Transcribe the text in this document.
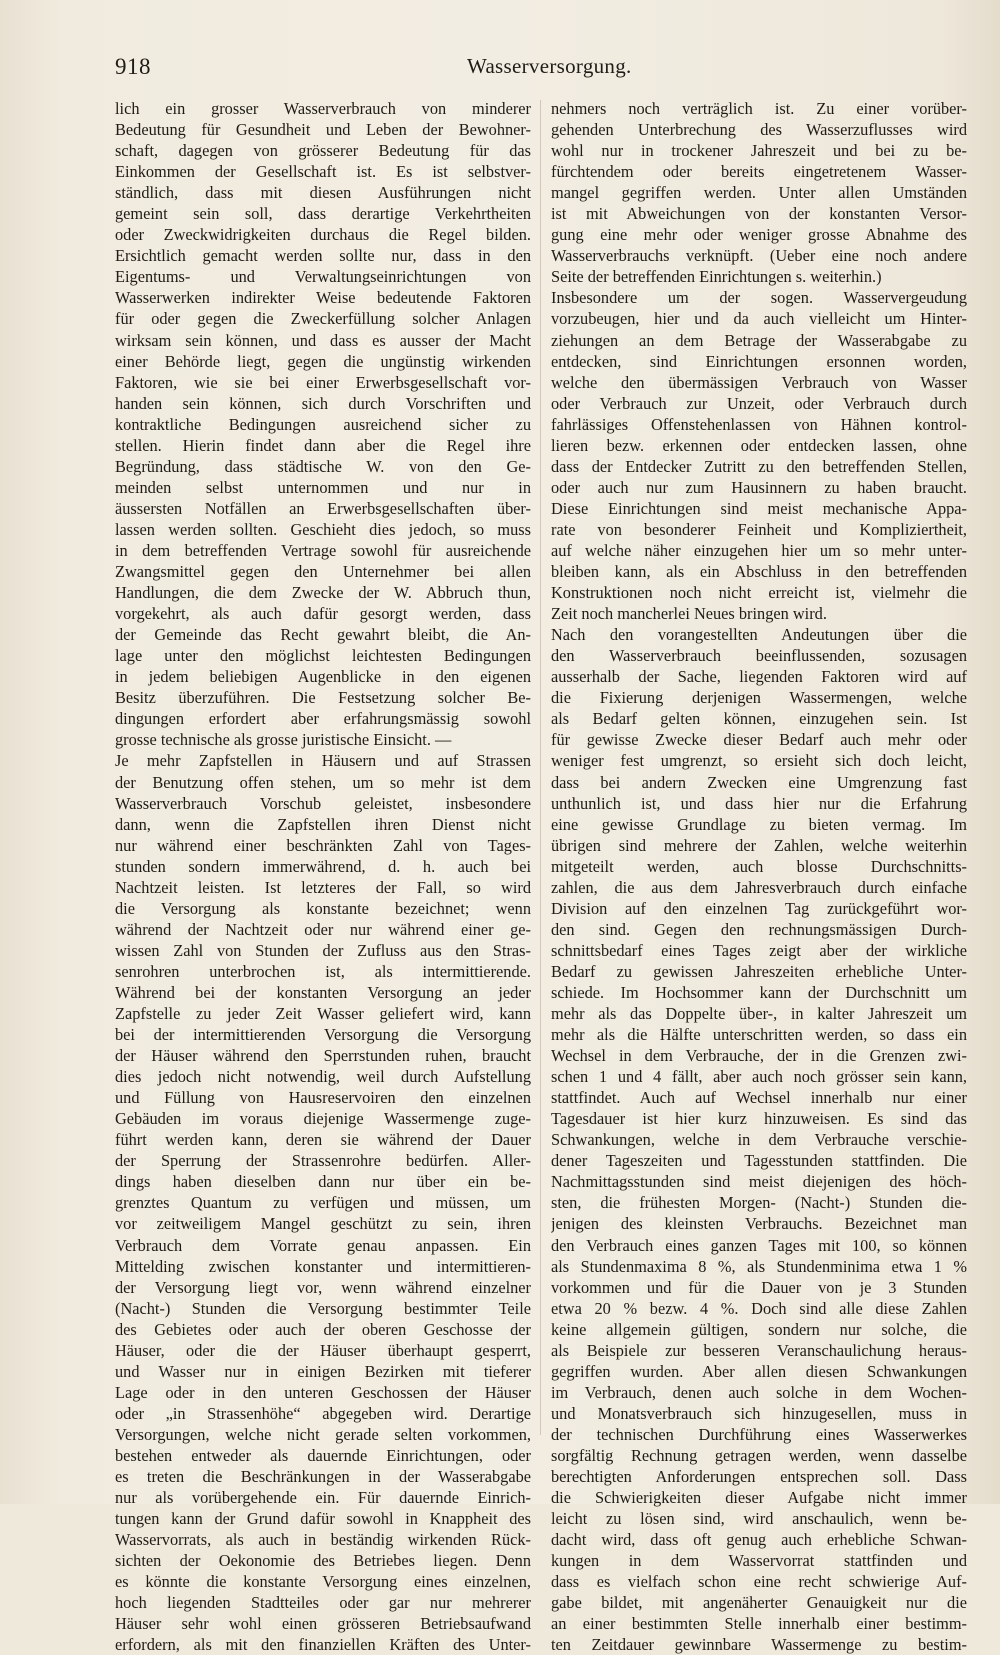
918	Wasserversorgung.
lich ein grosser Wasserverbrauch von minderer
Bedeutung für Gesundheit und Leben der Bewohner-
schaft, dagegen von grösserer Bedeutung für das
Einkommen der Gesellschaft ist. Es ist selbstver-
ständlich, dass mit diesen Ausführungen nicht
gemeint sein soll, dass derartige Verkehrtheiten
oder Zweckwidrigkeiten durchaus die Regel bilden.
Ersichtlich gemacht werden sollte nur, dass in den
Eigentums- und Verwaltungseinrichtungen von
Wasserwerken indirekter Weise bedeutende Faktoren
für oder gegen die Zweckerfüllung solcher Anlagen
wirksam sein können, und dass es ausser der Macht
einer Behörde liegt, gegen die ungünstig wirkenden
Faktoren, wie sie bei einer Erwerbsgesellschaft vor-
handen sein können, sich durch Vorschriften und
kontraktliche Bedingungen ausreichend sicher zu
stellen. Hierin findet dann aber die Regel ihre
Begründung, dass städtische W. von den Ge-
meinden selbst unternommen und nur in
äussersten Notfällen an Erwerbsgesellschaften über-
lassen werden sollten. Geschieht dies jedoch, so muss
in dem betreffenden Vertrage sowohl für ausreichende
Zwangsmittel gegen den Unternehmer bei allen
Handlungen, die dem Zwecke der W. Abbruch thun,
vorgekehrt, als auch dafür gesorgt werden, dass
der Gemeinde das Recht gewahrt bleibt, die An-
lage unter den möglichst leichtesten Bedingungen
in jedem beliebigen Augenblicke in den eigenen
Besitz überzuführen. Die Festsetzung solcher Be-
dingungen erfordert aber erfahrungsmässig sowohl
grosse technische als grosse juristische Einsicht. —
Je mehr Zapfstellen in Häusern und auf Strassen
der Benutzung offen stehen, um so mehr ist dem
Wasserverbrauch Vorschub geleistet, insbesondere
dann, wenn die Zapfstellen ihren Dienst nicht
nur während einer beschränkten Zahl von Tages-
stunden sondern immerwährend, d. h. auch bei
Nachtzeit leisten. Ist letzteres der Fall, so wird
die Versorgung als konstante bezeichnet; wenn
während der Nachtzeit oder nur während einer ge-
wissen Zahl von Stunden der Zufluss aus den Stras-
senrohren unterbrochen ist, als intermittierende.
Während bei der konstanten Versorgung an jeder
Zapfstelle zu jeder Zeit Wasser geliefert wird, kann
bei der intermittierenden Versorgung die Versorgung
der Häuser während den Sperrstunden ruhen, braucht
dies jedoch nicht notwendig, weil durch Aufstellung
und Füllung von Hausreservoiren den einzelnen
Gebäuden im voraus diejenige Wassermenge zuge-
führt werden kann, deren sie während der Dauer
der Sperrung der Strassenrohre bedürfen. Aller-
dings haben dieselben dann nur über ein be-
grenztes Quantum zu verfügen und müssen, um
vor zeitweiligem Mangel geschützt zu sein, ihren
Verbrauch dem Vorrate genau anpassen. Ein
Mittelding zwischen konstanter und intermittieren-
der Versorgung liegt vor, wenn während einzelner
(Nacht-) Stunden die Versorgung bestimmter Teile
des Gebietes oder auch der oberen Geschosse der
Häuser, oder die der Häuser überhaupt gesperrt,
und Wasser nur in einigen Bezirken mit tieferer
Lage oder in den unteren Geschossen der Häuser
oder „in Strassenhöhe“ abgegeben wird. Derartige
Versorgungen, welche nicht gerade selten vorkommen,
bestehen entweder als dauernde Einrichtungen, oder
es treten die Beschränkungen in der Wasserabgabe
nur als vorübergehende ein. Für dauernde Einrich-
tungen kann der Grund dafür sowohl in Knappheit des
Wasservorrats, als auch in beständig wirkenden Rück-
sichten der Oekonomie des Betriebes liegen. Denn
es könnte die konstante Versorgung eines einzelnen,
hoch liegenden Stadtteiles oder gar nur mehrerer
Häuser sehr wohl einen grösseren Betriebsaufwand
erfordern, als mit den finanziellen Kräften des Unter-
nehmers noch verträglich ist. Zu einer vorüber-
gehenden Unterbrechung des Wasserzuflusses wird
wohl nur in trockener Jahreszeit und bei zu be-
fürchtendem oder bereits eingetretenem Wasser-
mangel gegriffen werden. Unter allen Umständen
ist mit Abweichungen von der konstanten Versor-
gung eine mehr oder weniger grosse Abnahme des
Wasserverbrauchs verknüpft. (Ueber eine noch andere
Seite der betreffenden Einrichtungen s. weiterhin.)
Insbesondere um der sogen. Wasservergeudung
vorzubeugen, hier und da auch vielleicht um Hinter-
ziehungen an dem Betrage der Wasserabgabe zu
entdecken, sind Einrichtungen ersonnen worden,
welche den übermässigen Verbrauch von Wasser
oder Verbrauch zur Unzeit, oder Verbrauch durch
fahrlässiges Offenstehenlassen von Hähnen kontrol-
lieren bezw. erkennen oder entdecken lassen, ohne
dass der Entdecker Zutritt zu den betreffenden Stellen,
oder auch nur zum Hausinnern zu haben braucht.
Diese Einrichtungen sind meist mechanische Appa-
rate von besonderer Feinheit und Kompliziertheit,
auf welche näher einzugehen hier um so mehr unter-
bleiben kann, als ein Abschluss in den betreffenden
Konstruktionen noch nicht erreicht ist, vielmehr die
Zeit noch mancherlei Neues bringen wird.
Nach den vorangestellten Andeutungen über die
den Wasserverbrauch beeinflussenden, sozusagen
ausserhalb der Sache, liegenden Faktoren wird auf
die Fixierung derjenigen Wassermengen, welche
als Bedarf gelten können, einzugehen sein. Ist
für gewisse Zwecke dieser Bedarf auch mehr oder
weniger fest umgrenzt, so ersieht sich doch leicht,
dass bei andern Zwecken eine Umgrenzung fast
unthunlich ist, und dass hier nur die Erfahrung
eine gewisse Grundlage zu bieten vermag. Im
übrigen sind mehrere der Zahlen, welche weiterhin
mitgeteilt werden, auch blosse Durchschnitts-
zahlen, die aus dem Jahresverbrauch durch einfache
Division auf den einzelnen Tag zurückgeführt wor-
den sind. Gegen den rechnungsmässigen Durch-
schnittsbedarf eines Tages zeigt aber der wirkliche
Bedarf zu gewissen Jahreszeiten erhebliche Unter-
schiede. Im Hochsommer kann der Durchschnitt um
mehr als das Doppelte über-, in kalter Jahreszeit um
mehr als die Hälfte unterschritten werden, so dass ein
Wechsel in dem Verbrauche, der in die Grenzen zwi-
schen 1 und 4 fällt, aber auch noch grösser sein kann,
stattfindet. Auch auf Wechsel innerhalb nur einer
Tagesdauer ist hier kurz hinzuweisen. Es sind das
Schwankungen, welche in dem Verbrauche verschie-
dener Tageszeiten und Tagesstunden stattfinden. Die
Nachmittagsstunden sind meist diejenigen des höch-
sten, die frühesten Morgen- (Nacht-) Stunden die-
jenigen des kleinsten Verbrauchs. Bezeichnet man
den Verbrauch eines ganzen Tages mit 100, so können
als Stundenmaxima 8 %, als Stundenminima etwa 1 %
vorkommen und für die Dauer von je 3 Stunden
etwa 20 % bezw. 4 %. Doch sind alle diese Zahlen
keine allgemein gültigen, sondern nur solche, die
als Beispiele zur besseren Veranschaulichung heraus-
gegriffen wurden. Aber allen diesen Schwankungen
im Verbrauch, denen auch solche in dem Wochen-
und Monatsverbrauch sich hinzugesellen, muss in
der technischen Durchführung eines Wasserwerkes
sorgfältig Rechnung getragen werden, wenn dasselbe
berechtigten Anforderungen entsprechen soll. Dass
die Schwierigkeiten dieser Aufgabe nicht immer
leicht zu lösen sind, wird anschaulich, wenn be-
dacht wird, dass oft genug auch erhebliche Schwan-
kungen in dem Wasservorrat stattfinden und
dass es vielfach schon eine recht schwierige Auf-
gabe bildet, mit angenäherter Genauigkeit nur die
an einer bestimmten Stelle innerhalb einer bestimm-
ten Zeitdauer gewinnbare Wassermenge zu bestim-
